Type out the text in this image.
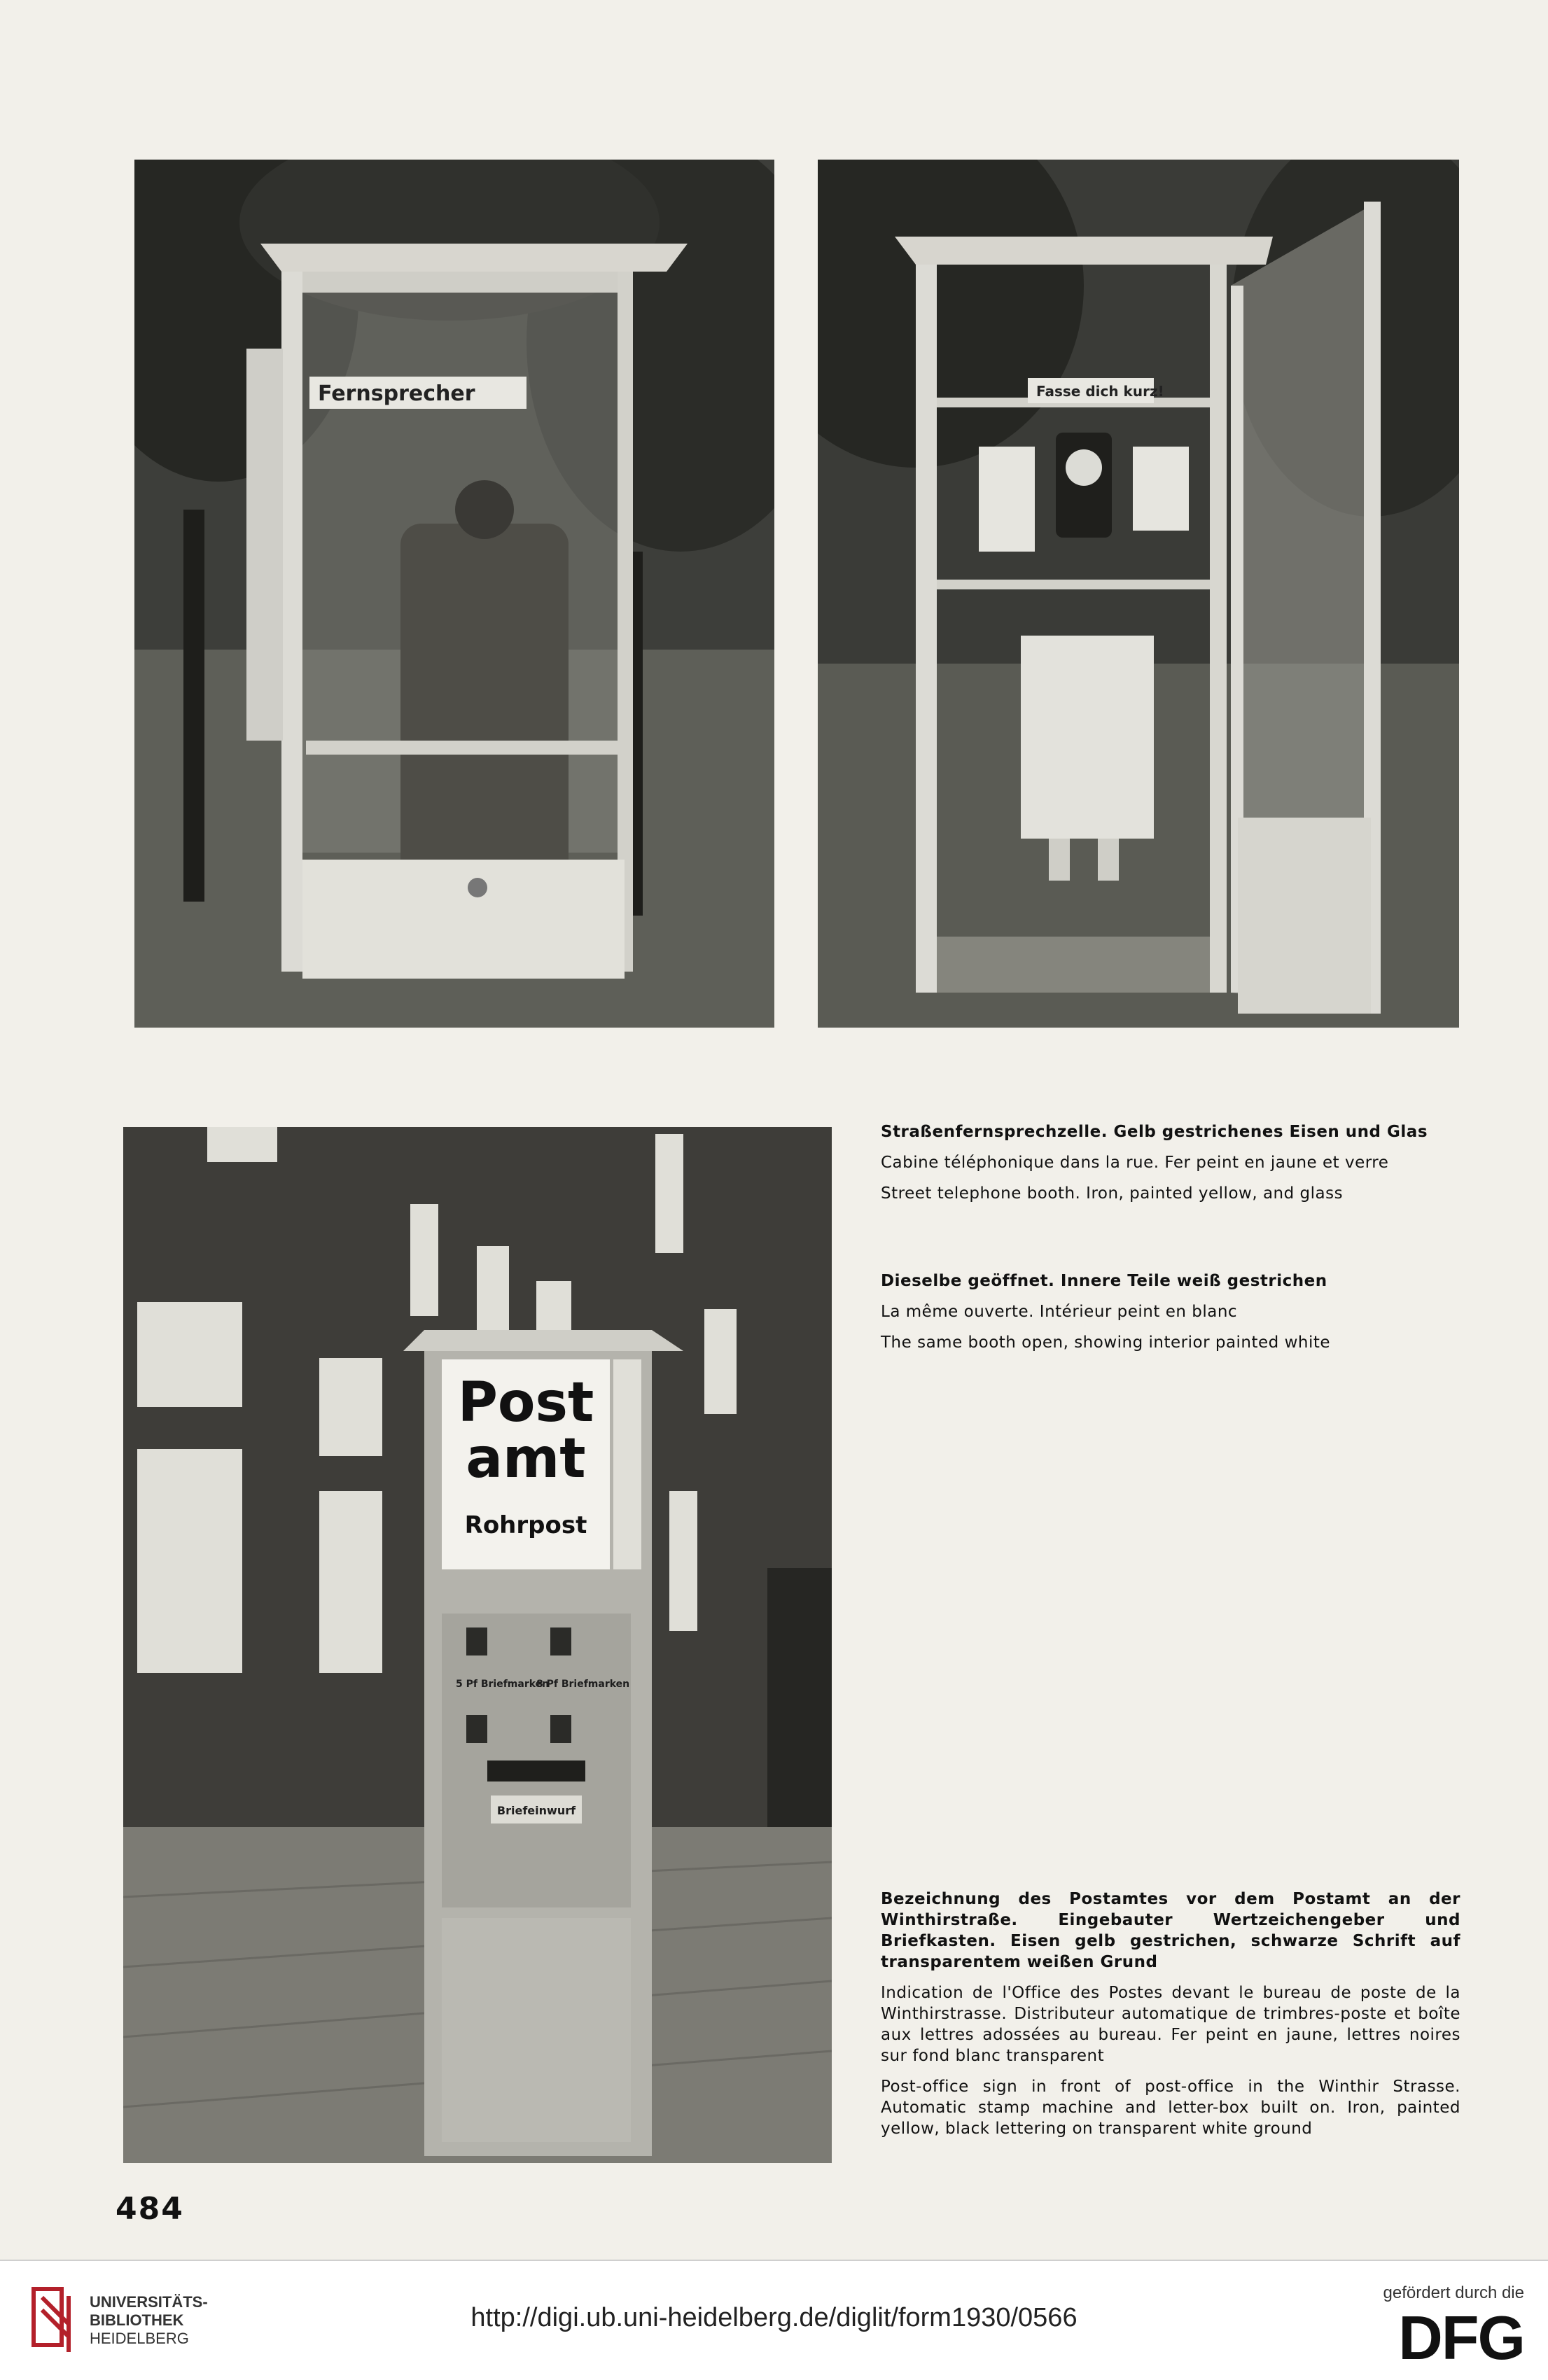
Fernsprecher	Fasse dich kurz!
Post
amt
Rohrpost
5 Pf Briefmarken
8 Pf Briefmarken
Briefeinwurf

Straßenfernsprechzelle. Gelb gestrichenes Eisen und Glas

Cabine téléphonique dans la rue. Fer peint en jaune et verre

Street telephone booth. Iron, painted yellow, and glass

Dieselbe geöffnet. Innere Teile weiß gestrichen

La même ouverte. Intérieur peint en blanc

The same booth open, showing interior painted white

Bezeichnung des Postamtes vor dem Postamt an der Winthirstraße. Eingebauter Wertzeichengeber und Briefkasten. Eisen gelb gestrichen, schwarze Schrift auf transparentem weißen Grund

Indication de l'Office des Postes devant le bureau de poste de la Winthirstrasse. Distributeur automatique de trimbres-poste et boîte aux lettres adossées au bureau. Fer peint en jaune, lettres noires sur fond blanc transparent

Post-office sign in front of post-office in the Winthir Strasse. Automatic stamp machine and letter-box built on. Iron, painted yellow, black lettering on transparent white ground

484
UNIVERSITÄTS-
BIBLIOTHEK
HEIDELBERG
http://digi.ub.uni-heidelberg.de/diglit/form1930/0566
gefördert durch die
DFG
